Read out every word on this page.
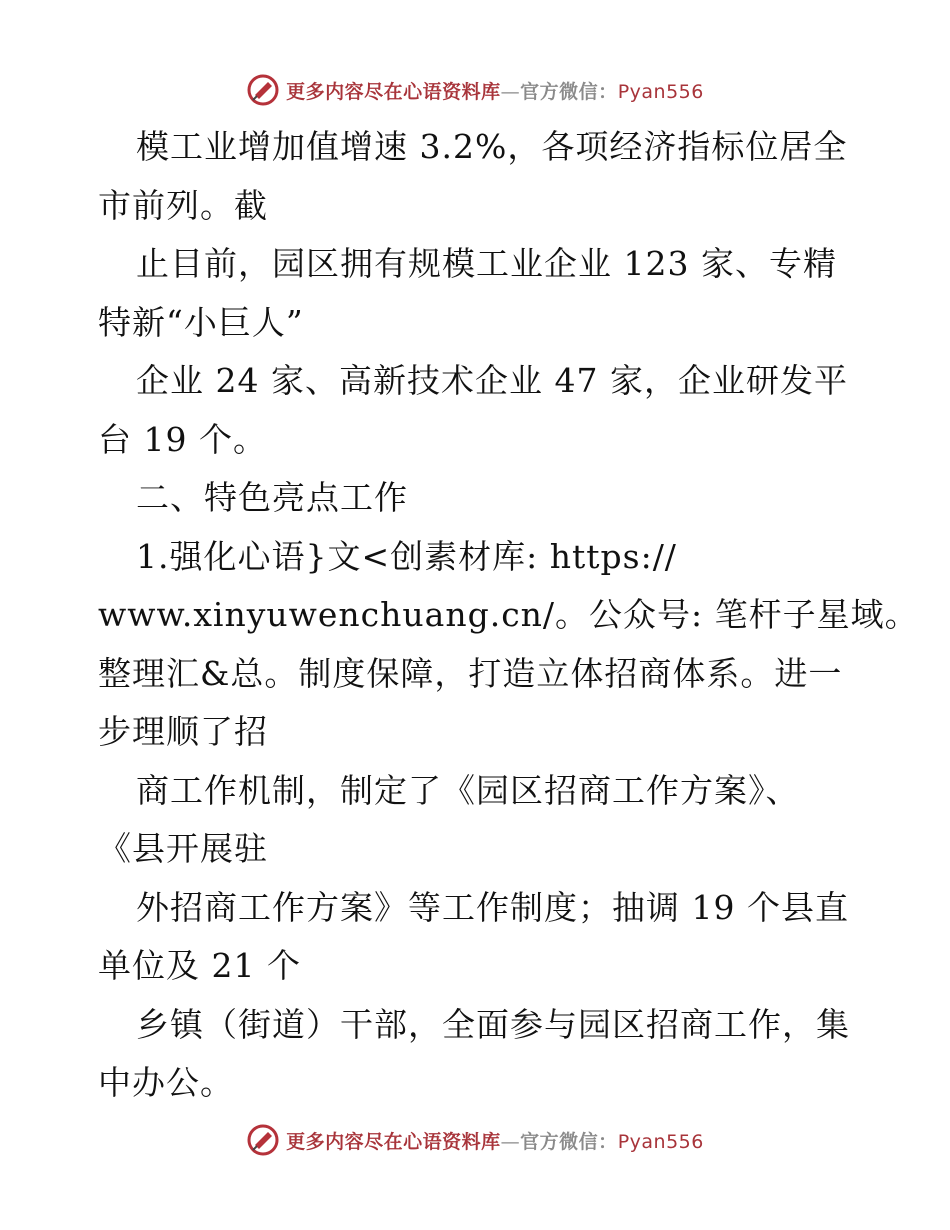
更多内容尽在心语资料库—官方微信：Pyan556
模工业增加值增速 3.2%，各项经济指标位居全
市前列。截
止目前，园区拥有规模工业企业 123 家、专精
特新“小巨人”
企业 24 家、高新技术企业 47 家，企业研发平
台 19 个。
二、特色亮点工作
1.强化心语}文<创素材库: https://
www.xinyuwenchuang.cn/。公众号: 笔杆子星域。
整理汇&总。制度保障，打造立体招商体系。进一
步理顺了招
商工作机制，制定了《园区招商工作方案》、
《县开展驻
外招商工作方案》等工作制度；抽调 19 个县直
单位及 21 个
乡镇（街道）干部，全面参与园区招商工作，集
中办公。
更多内容尽在心语资料库—官方微信：Pyan556
